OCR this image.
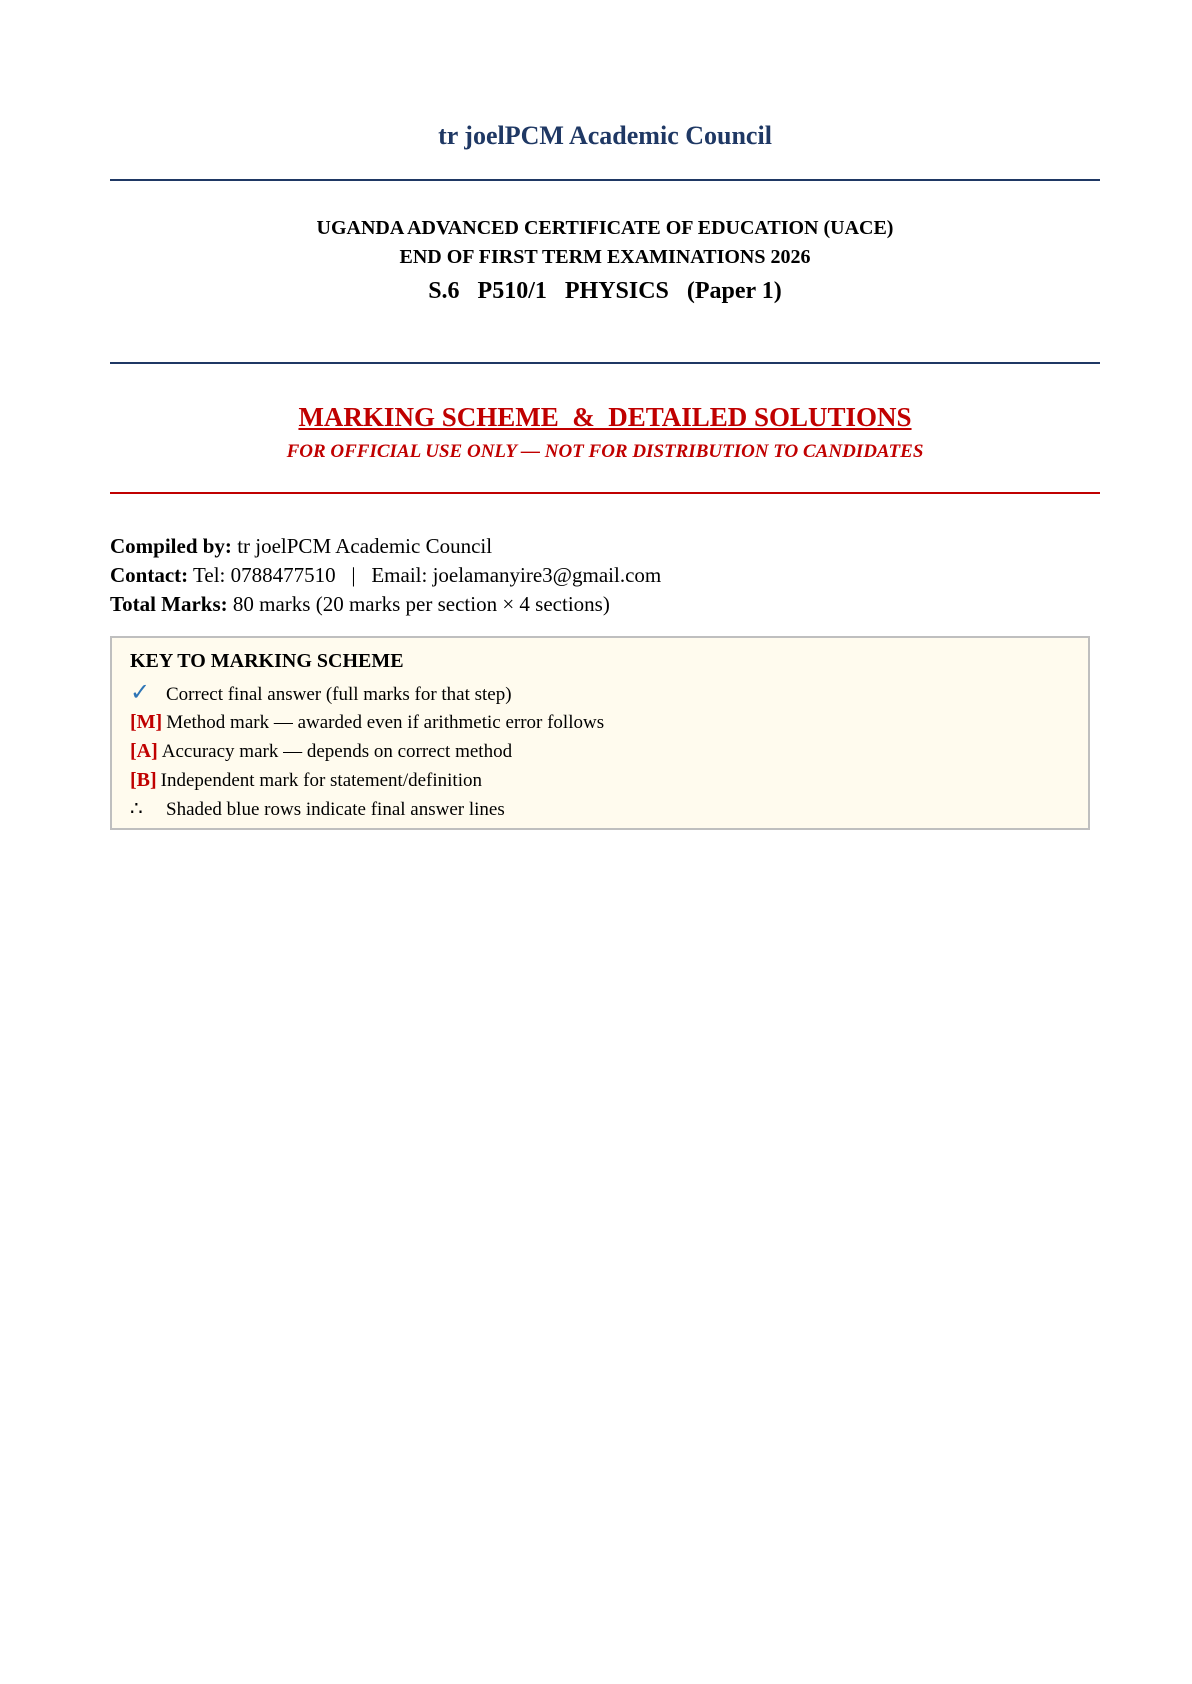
tr joelPCM Academic Council
UGANDA ADVANCED CERTIFICATE OF EDUCATION (UACE)
END OF FIRST TERM EXAMINATIONS 2026
S.6   P510/1   PHYSICS   (Paper 1)
MARKING SCHEME  &  DETAILED SOLUTIONS
FOR OFFICIAL USE ONLY — NOT FOR DISTRIBUTION TO CANDIDATES
Compiled by: tr joelPCM Academic Council
Contact: Tel: 0788477510   |   Email: joelamanyire3@gmail.com
Total Marks: 80 marks (20 marks per section × 4 sections)
KEY TO MARKING SCHEME
✓ Correct final answer (full marks for that step)
[M] Method mark — awarded even if arithmetic error follows
[A] Accuracy mark — depends on correct method
[B] Independent mark for statement/definition
∴ Shaded blue rows indicate final answer lines
